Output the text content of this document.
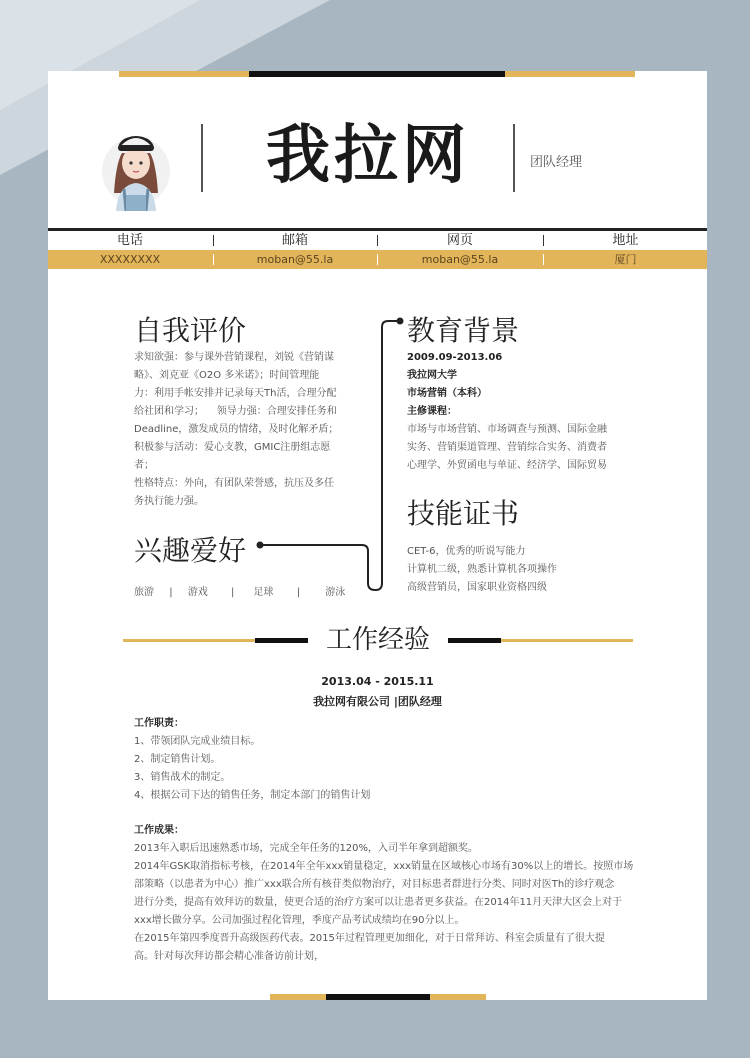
我拉网	团队经理
电话	邮箱	网页	地址
XXXXXXXX	moban@55.la	moban@55.la	厦门
自我评价

求知欲强：参与课外营销课程，刘锐《营销谋

略》、刘克亚《O2O 多米诺》；时间管理能

力：利用手帐安排并记录每天Th活，合理分配

给社团和学习；    领导力强：合理安排任务和

Deadline，激发成员的情绪，及时化解矛盾；

积极参与活动：爱心支教，GMIC注册组志愿

者；

性格特点：外向，有团队荣誉感，抗压及多任

务执行能力强。

兴趣爱好
旅游 | 游戏 | 足球 |	游泳
教育背景

2009.09-2013.06

我拉网大学

市场营销（本科）

主修课程：

市场与市场营销、市场调查与预测、国际金融

实务、营销渠道管理、营销综合实务、消费者

心理学、外贸函电与单证、经济学、国际贸易

技能证书

CET-6，优秀的听说写能力

计算机二级，熟悉计算机各项操作

高级营销员，国家职业资格四级

工作经验
2013.04 - 2015.11
我拉网有限公司 |团队经理

工作职责：

1、带领团队完成业绩目标。

2、制定销售计划。

3、销售战术的制定。

4、根据公司下达的销售任务，制定本部门的销售计划

工作成果：

2013年入职后迅速熟悉市场，完成全年任务的120%，入司半年拿到超额奖。

2014年GSK取消指标考核，在2014年全年xxx销量稳定，xxx销量在区域核心市场有30%以上的增长。按照市场

部策略（以患者为中心）推广xxx联合所有核苷类似物治疗，对目标患者群进行分类、同时对医Th的诊疗观念

进行分类，提高有效拜访的数量，使更合适的治疗方案可以让患者更多获益。在2014年11月天津大区会上对于

xxx增长做分享。公司加强过程化管理，季度产品考试成绩均在90分以上。

在2015年第四季度晋升高级医药代表。2015年过程管理更加细化，对于日常拜访、科室会质量有了很大提

高。针对每次拜访都会精心准备访前计划，
